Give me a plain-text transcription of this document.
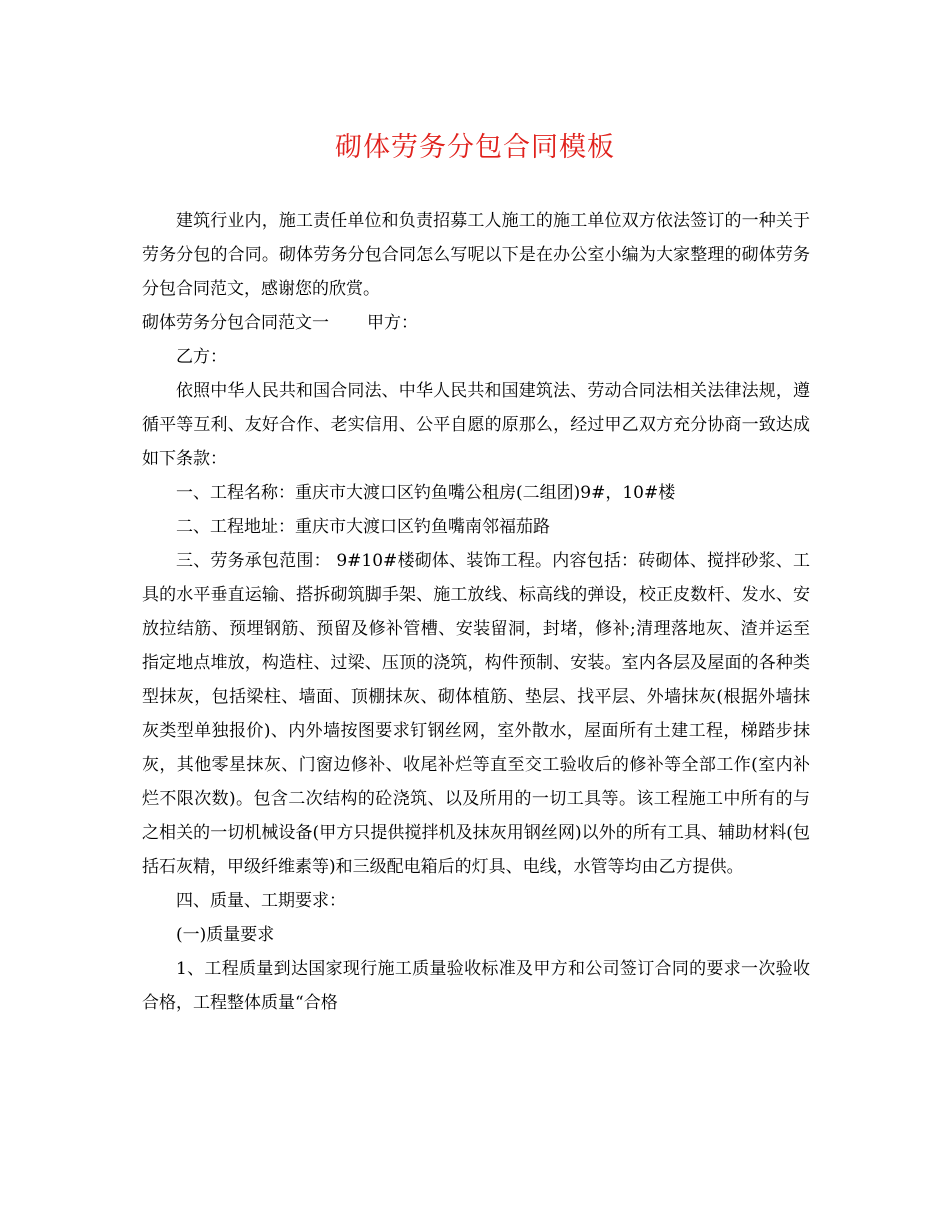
砌体劳务分包合同模板

建筑行业内，施工责任单位和负责招募工人施工的施工单位双方依法签订的一种关于劳务分包的合同。砌体劳务分包合同怎么写呢以下是在办公室小编为大家整理的砌体劳务分包合同范文，感谢您的欣赏。

砌体劳务分包合同范文一 甲方：

乙方：

依照中华人民共和国合同法、中华人民共和国建筑法、劳动合同法相关法律法规，遵循平等互利、友好合作、老实信用、公平自愿的原那么，经过甲乙双方充分协商一致达成如下条款：

一、工程名称：重庆市大渡口区钓鱼嘴公租房(二组团)9#，10#楼

二、工程地址：重庆市大渡口区钓鱼嘴南邻福茄路

三、劳务承包范围： 9#10#楼砌体、装饰工程。内容包括：砖砌体、搅拌砂浆、工具的水平垂直运输、搭拆砌筑脚手架、施工放线、标高线的弹设，校正皮数杆、发水、安放拉结筋、预埋钢筋、预留及修补管槽、安装留洞，封堵，修补;清理落地灰、渣并运至指定地点堆放，构造柱、过梁、压顶的浇筑，构件预制、安装。室内各层及屋面的各种类型抹灰，包括梁柱、墙面、顶棚抹灰、砌体植筋、垫层、找平层、外墙抹灰(根据外墙抹灰类型单独报价)、内外墙按图要求钉钢丝网，室外散水，屋面所有土建工程，梯踏步抹灰，其他零星抹灰、门窗边修补、收尾补烂等直至交工验收后的修补等全部工作(室内补烂不限次数)。包含二次结构的砼浇筑、以及所用的一切工具等。该工程施工中所有的与之相关的一切机械设备(甲方只提供搅拌机及抹灰用钢丝网)以外的所有工具、辅助材料(包括石灰精，甲级纤维素等)和三级配电箱后的灯具、电线，水管等均由乙方提供。

四、质量、工期要求：

(一)质量要求

1、工程质量到达国家现行施工质量验收标准及甲方和公司签订合同的要求一次验收合格，工程整体质量“合格
